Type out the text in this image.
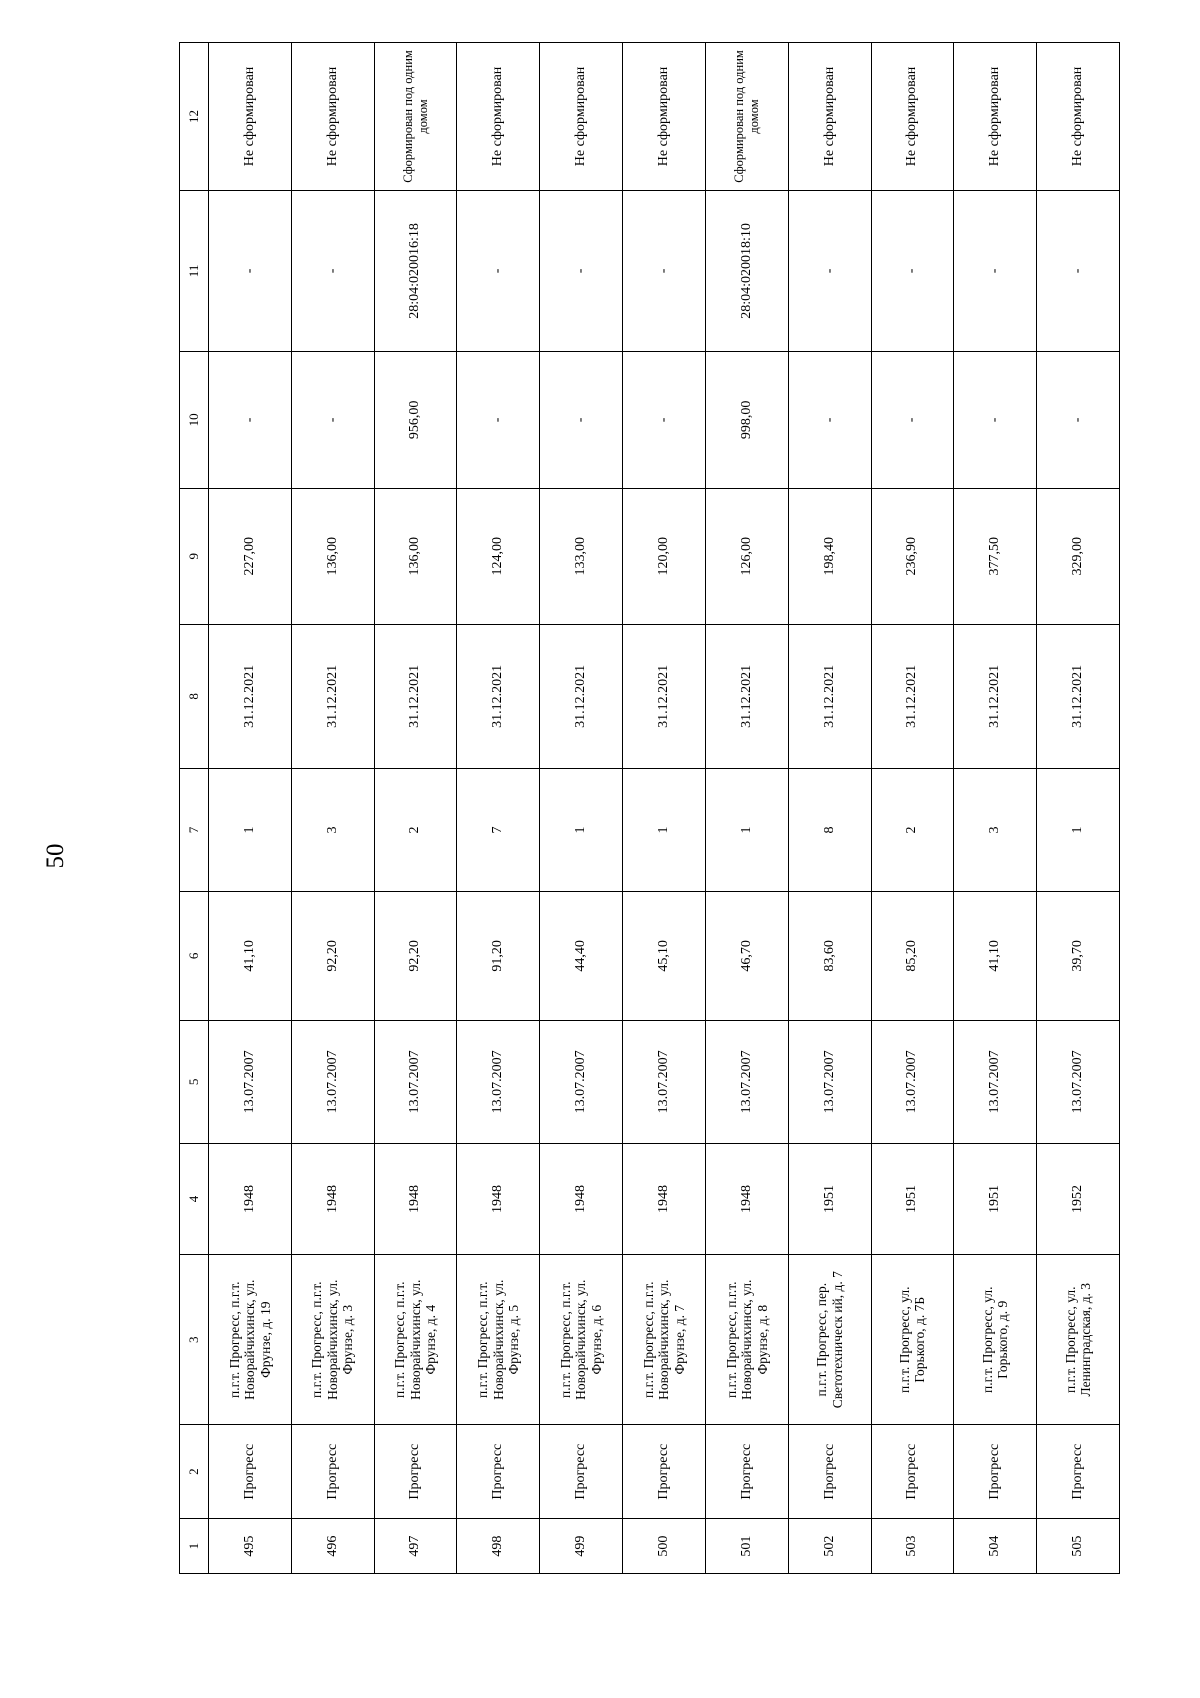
50
1	2	3	4	5	6	7	8	9	10	11	12
495	Прогресс	п.г.т. Прогресс, п.г.т. Новорайчихинск, ул. Фрунзе, д. 19	1948	13.07.2007	41,10	1	31.12.2021	227,00	-	-	Не сформирован
496	Прогресс	п.г.т. Прогресс, п.г.т. Новорайчихинск, ул. Фрунзе, д. 3	1948	13.07.2007	92,20	3	31.12.2021	136,00	-	-	Не сформирован
497	Прогресс	п.г.т. Прогресс, п.г.т. Новорайчихинск, ул. Фрунзе, д. 4	1948	13.07.2007	92,20	2	31.12.2021	136,00	956,00	28:04:020016:18	Сформирован под одним домом
498	Прогресс	п.г.т. Прогресс, п.г.т. Новорайчихинск, ул. Фрунзе, д. 5	1948	13.07.2007	91,20	7	31.12.2021	124,00	-	-	Не сформирован
499	Прогресс	п.г.т. Прогресс, п.г.т. Новорайчихинск, ул. Фрунзе, д. 6	1948	13.07.2007	44,40	1	31.12.2021	133,00	-	-	Не сформирован
500	Прогресс	п.г.т. Прогресс, п.г.т. Новорайчихинск, ул. Фрунзе, д. 7	1948	13.07.2007	45,10	1	31.12.2021	120,00	-	-	Не сформирован
501	Прогресс	п.г.т. Прогресс, п.г.т. Новорайчихинск, ул. Фрунзе, д. 8	1948	13.07.2007	46,70	1	31.12.2021	126,00	998,00	28:04:020018:10	Сформирован под одним домом
502	Прогресс	п.г.т. Прогресс, пер. Светотехническ ий, д. 7	1951	13.07.2007	83,60	8	31.12.2021	198,40	-	-	Не сформирован
503	Прогресс	п.г.т. Прогресс, ул. Горького, д. 7Б	1951	13.07.2007	85,20	2	31.12.2021	236,90	-	-	Не сформирован
504	Прогресс	п.г.т. Прогресс, ул. Горького, д. 9	1951	13.07.2007	41,10	3	31.12.2021	377,50	-	-	Не сформирован
505	Прогресс	п.г.т. Прогресс, ул. Ленинградская, д. 3	1952	13.07.2007	39,70	1	31.12.2021	329,00	-	-	Не сформирован
